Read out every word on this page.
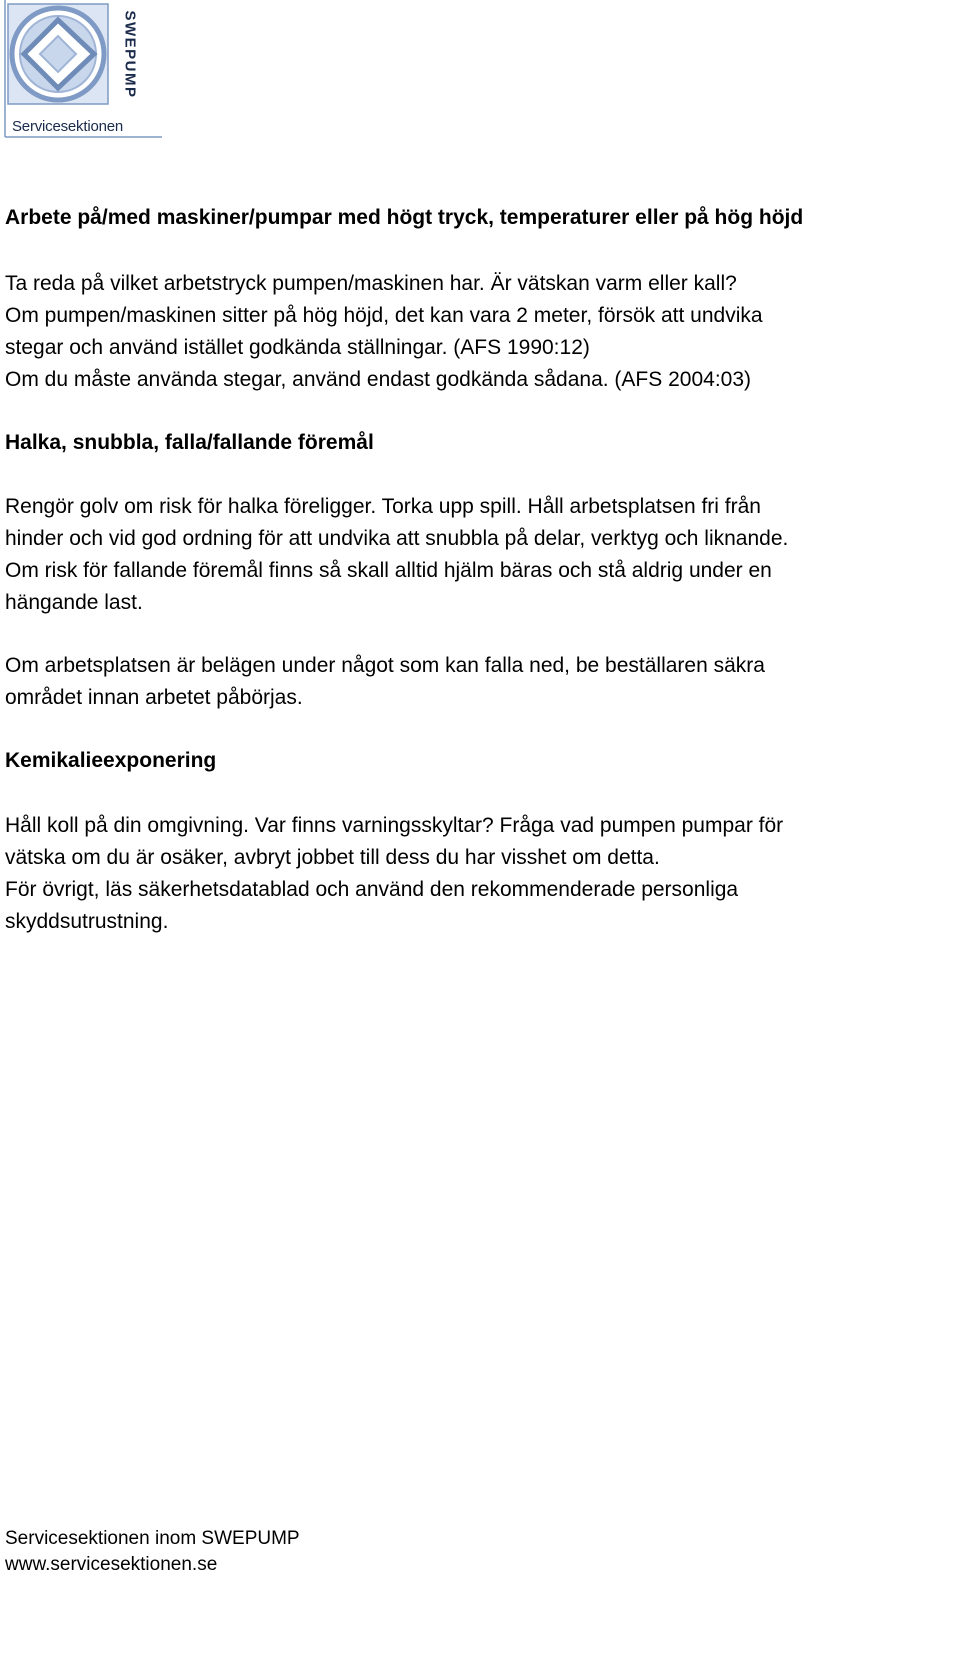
SWEPUMP
Servicesektionen
Arbete på/med maskiner/pumpar med högt tryck, temperaturer eller på hög höjd
Ta reda på vilket arbetstryck pumpen/maskinen har. Är vätskan varm eller kall?
Om pumpen/maskinen sitter på hög höjd, det kan vara 2 meter, försök att undvika
stegar och använd istället godkända ställningar. (AFS 1990:12)
Om du måste använda stegar, använd endast godkända sådana. (AFS 2004:03)
Halka, snubbla, falla/fallande föremål
Rengör golv om risk för halka föreligger. Torka upp spill. Håll arbetsplatsen fri från
hinder och vid god ordning för att undvika att snubbla på delar, verktyg och liknande.
Om risk för fallande föremål finns så skall alltid hjälm bäras och stå aldrig under en
hängande last.
Om arbetsplatsen är belägen under något som kan falla ned, be beställaren säkra
området innan arbetet påbörjas.
Kemikalieexponering
Håll koll på din omgivning. Var finns varningsskyltar? Fråga vad pumpen pumpar för
vätska om du är osäker, avbryt jobbet till dess du har visshet om detta.
För övrigt, läs säkerhetsdatablad och använd den rekommenderade personliga
skyddsutrustning.
Servicesektionen inom SWEPUMP
www.servicesektionen.se
